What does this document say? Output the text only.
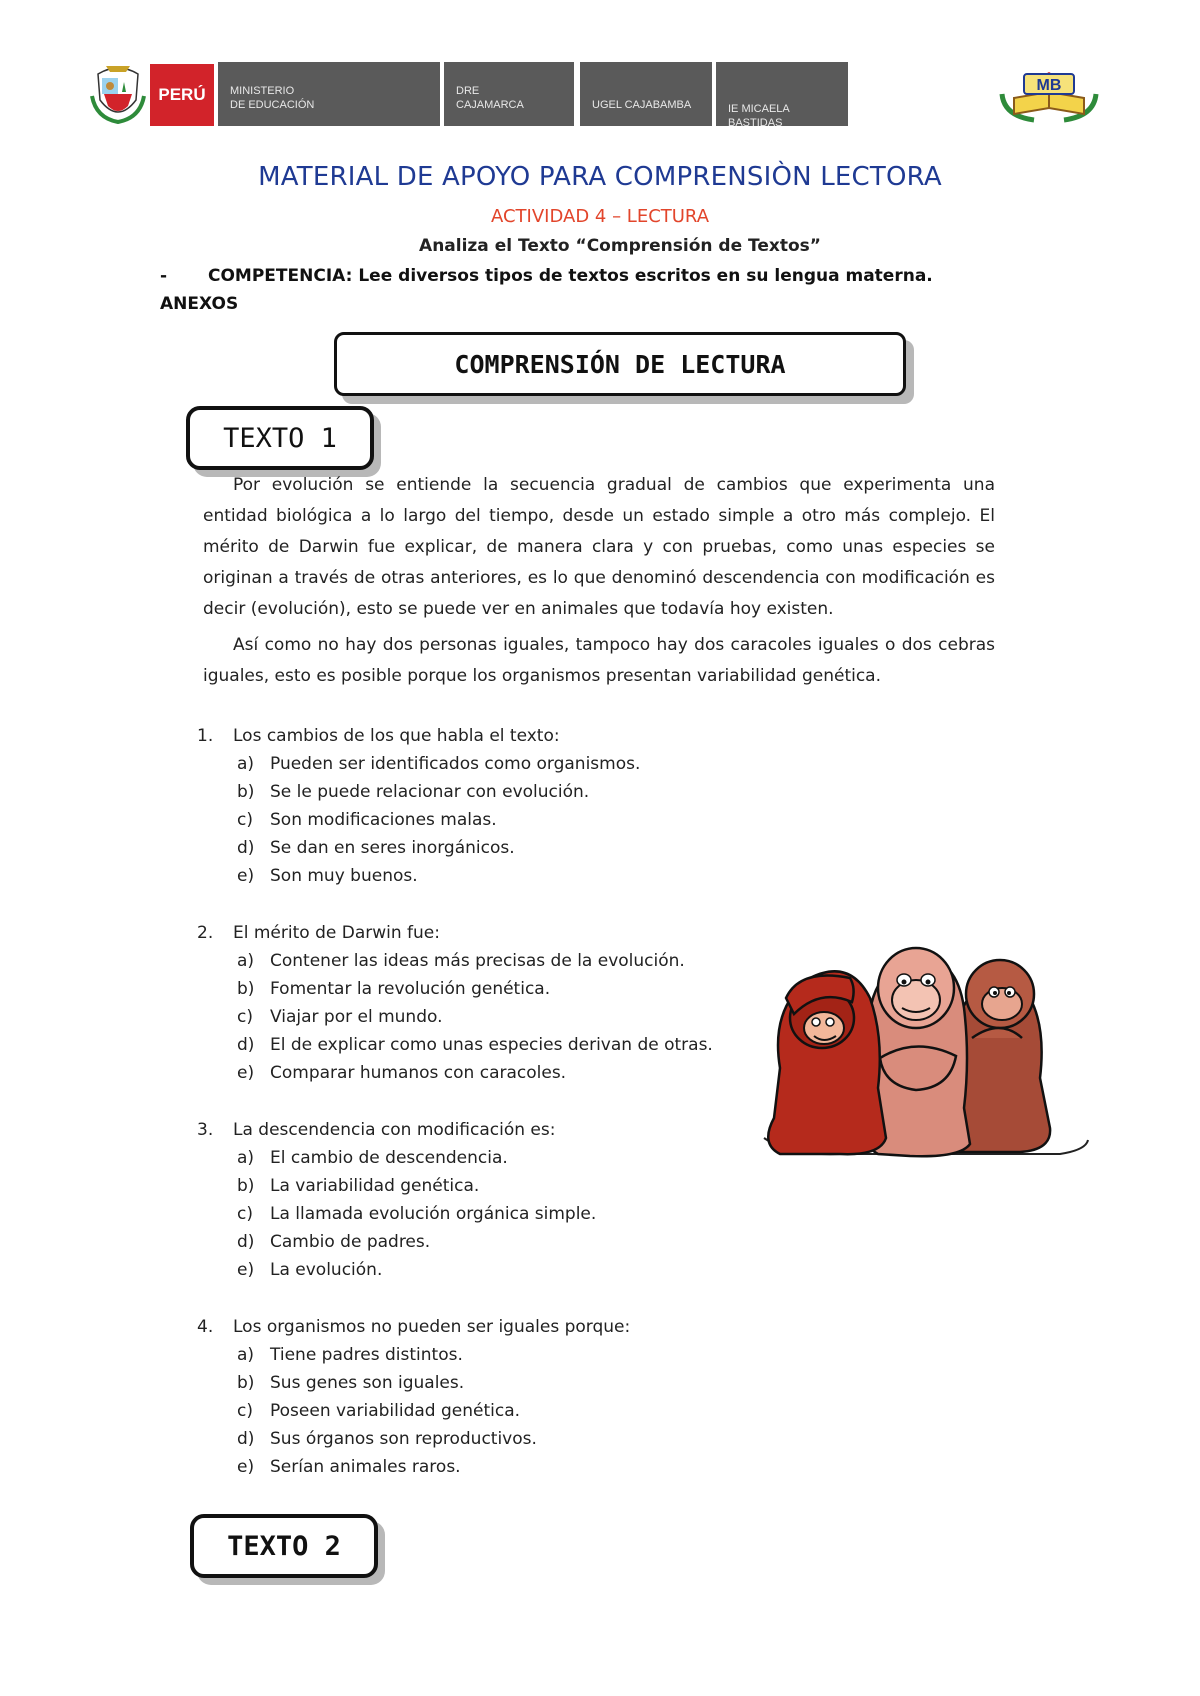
PERÚ	MINISTERIO
DE EDUCACIÓN
DRE
CAJAMARCA	UGEL CAJABAMBA	IE MICAELA BASTIDAS
MB
MATERIAL DE APOYO PARA COMPRENSIÒN LECTORA
ACTIVIDAD 4 – LECTURA
Analiza el Texto “Comprensión de Textos”
- COMPETENCIA: Lee diversos tipos de textos escritos en su lengua materna.
ANEXOS
COMPRENSIÓN DE LECTURA
TEXTO 1
Por evolución se entiende la secuencia gradual de cambios que experimenta una entidad biológica a lo largo del tiempo, desde un estado simple a otro más complejo. El mérito de Darwin fue explicar, de manera clara y con pruebas, como unas especies se originan a través de otras anteriores, es lo que denominó descendencia con modificación es decir (evolución), esto se puede ver en animales que todavía hoy existen.
Así como no hay dos personas iguales, tampoco hay dos caracoles iguales o dos cebras iguales, esto es posible porque los organismos presentan variabilidad genética.
1. Los cambios de los que habla el texto:
a) Pueden ser identificados como organismos.
b) Se le puede relacionar con evolución.
c) Son modificaciones malas.
d) Se dan en seres inorgánicos.
e) Son muy buenos.
2. El mérito de Darwin fue:
a) Contener las ideas más precisas de la evolución.
b) Fomentar la revolución genética.
c) Viajar por el mundo.
d) El de explicar como unas especies derivan de otras.
e) Comparar humanos con caracoles.
3. La descendencia con modificación es:
a) El cambio de descendencia.
b) La variabilidad genética.
c) La llamada evolución orgánica simple.
d) Cambio de padres.
e) La evolución.
4. Los organismos no pueden ser iguales porque:
a) Tiene padres distintos.
b) Sus genes son iguales.
c) Poseen variabilidad genética.
d) Sus órganos son reproductivos.
e) Serían animales raros.
TEXTO 2
